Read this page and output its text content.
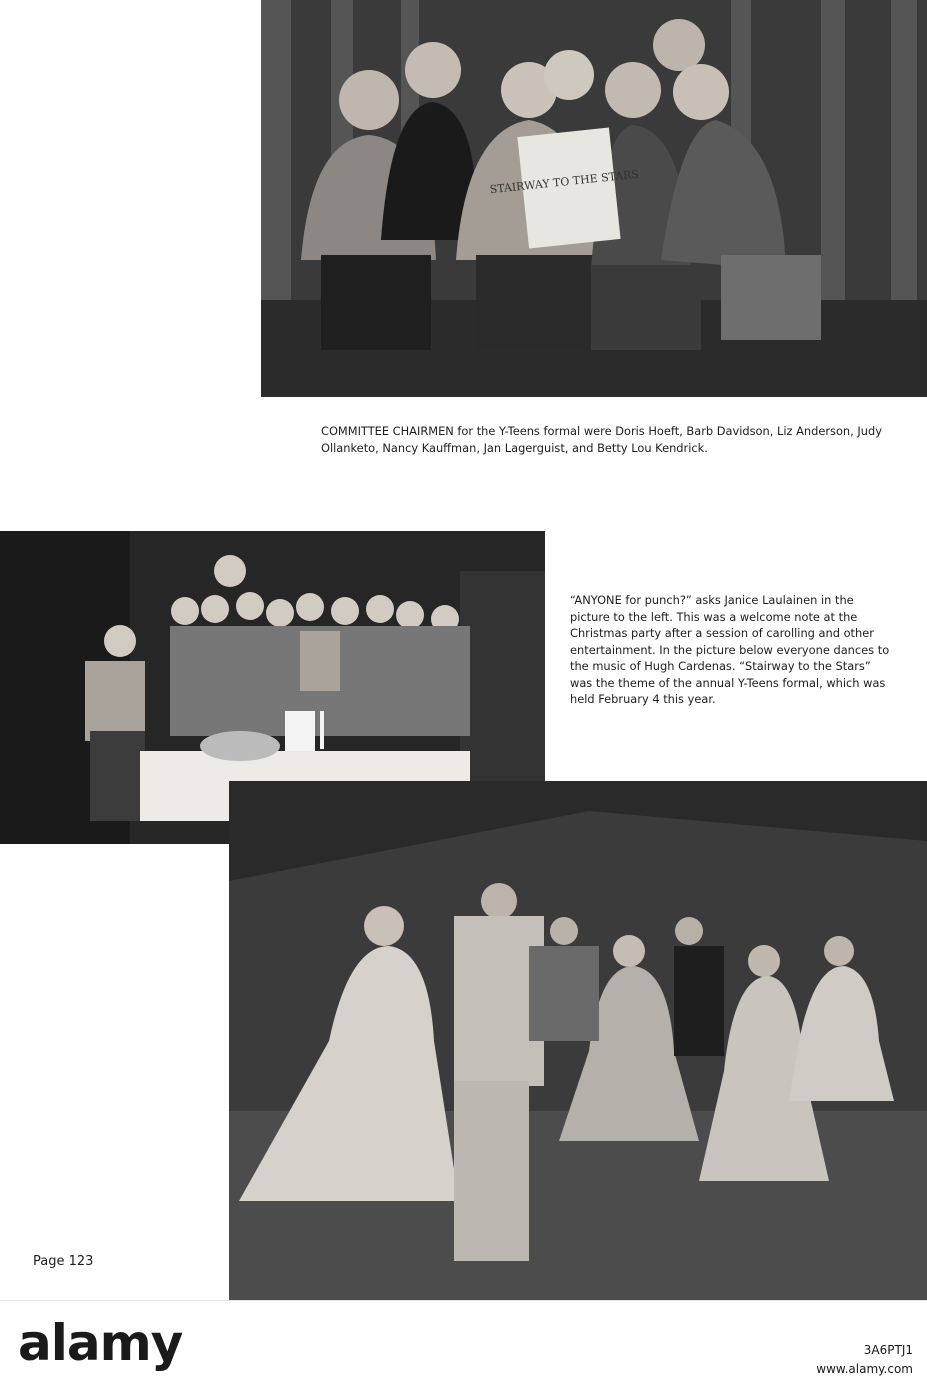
STAIRWAY TO THE STARS

COMMITTEE CHAIRMEN for the Y-Teens formal were Doris Hoeft, Barb Davidson, Liz Anderson, Judy Ollanketo, Nancy Kauffman, Jan Lagerguist, and Betty Lou Kendrick.

“ANYONE for punch?” asks Janice Laulainen in the picture to the left. This was a welcome note at the Christmas party after a session of carolling and other entertainment. In the picture below everyone dances to the music of Hugh Cardenas. “Stairway to the Stars” was the theme of the annual Y-Teens formal, which was held February 4 this year.

Page 123
alamy	3A6PTJ1
www.alamy.com
